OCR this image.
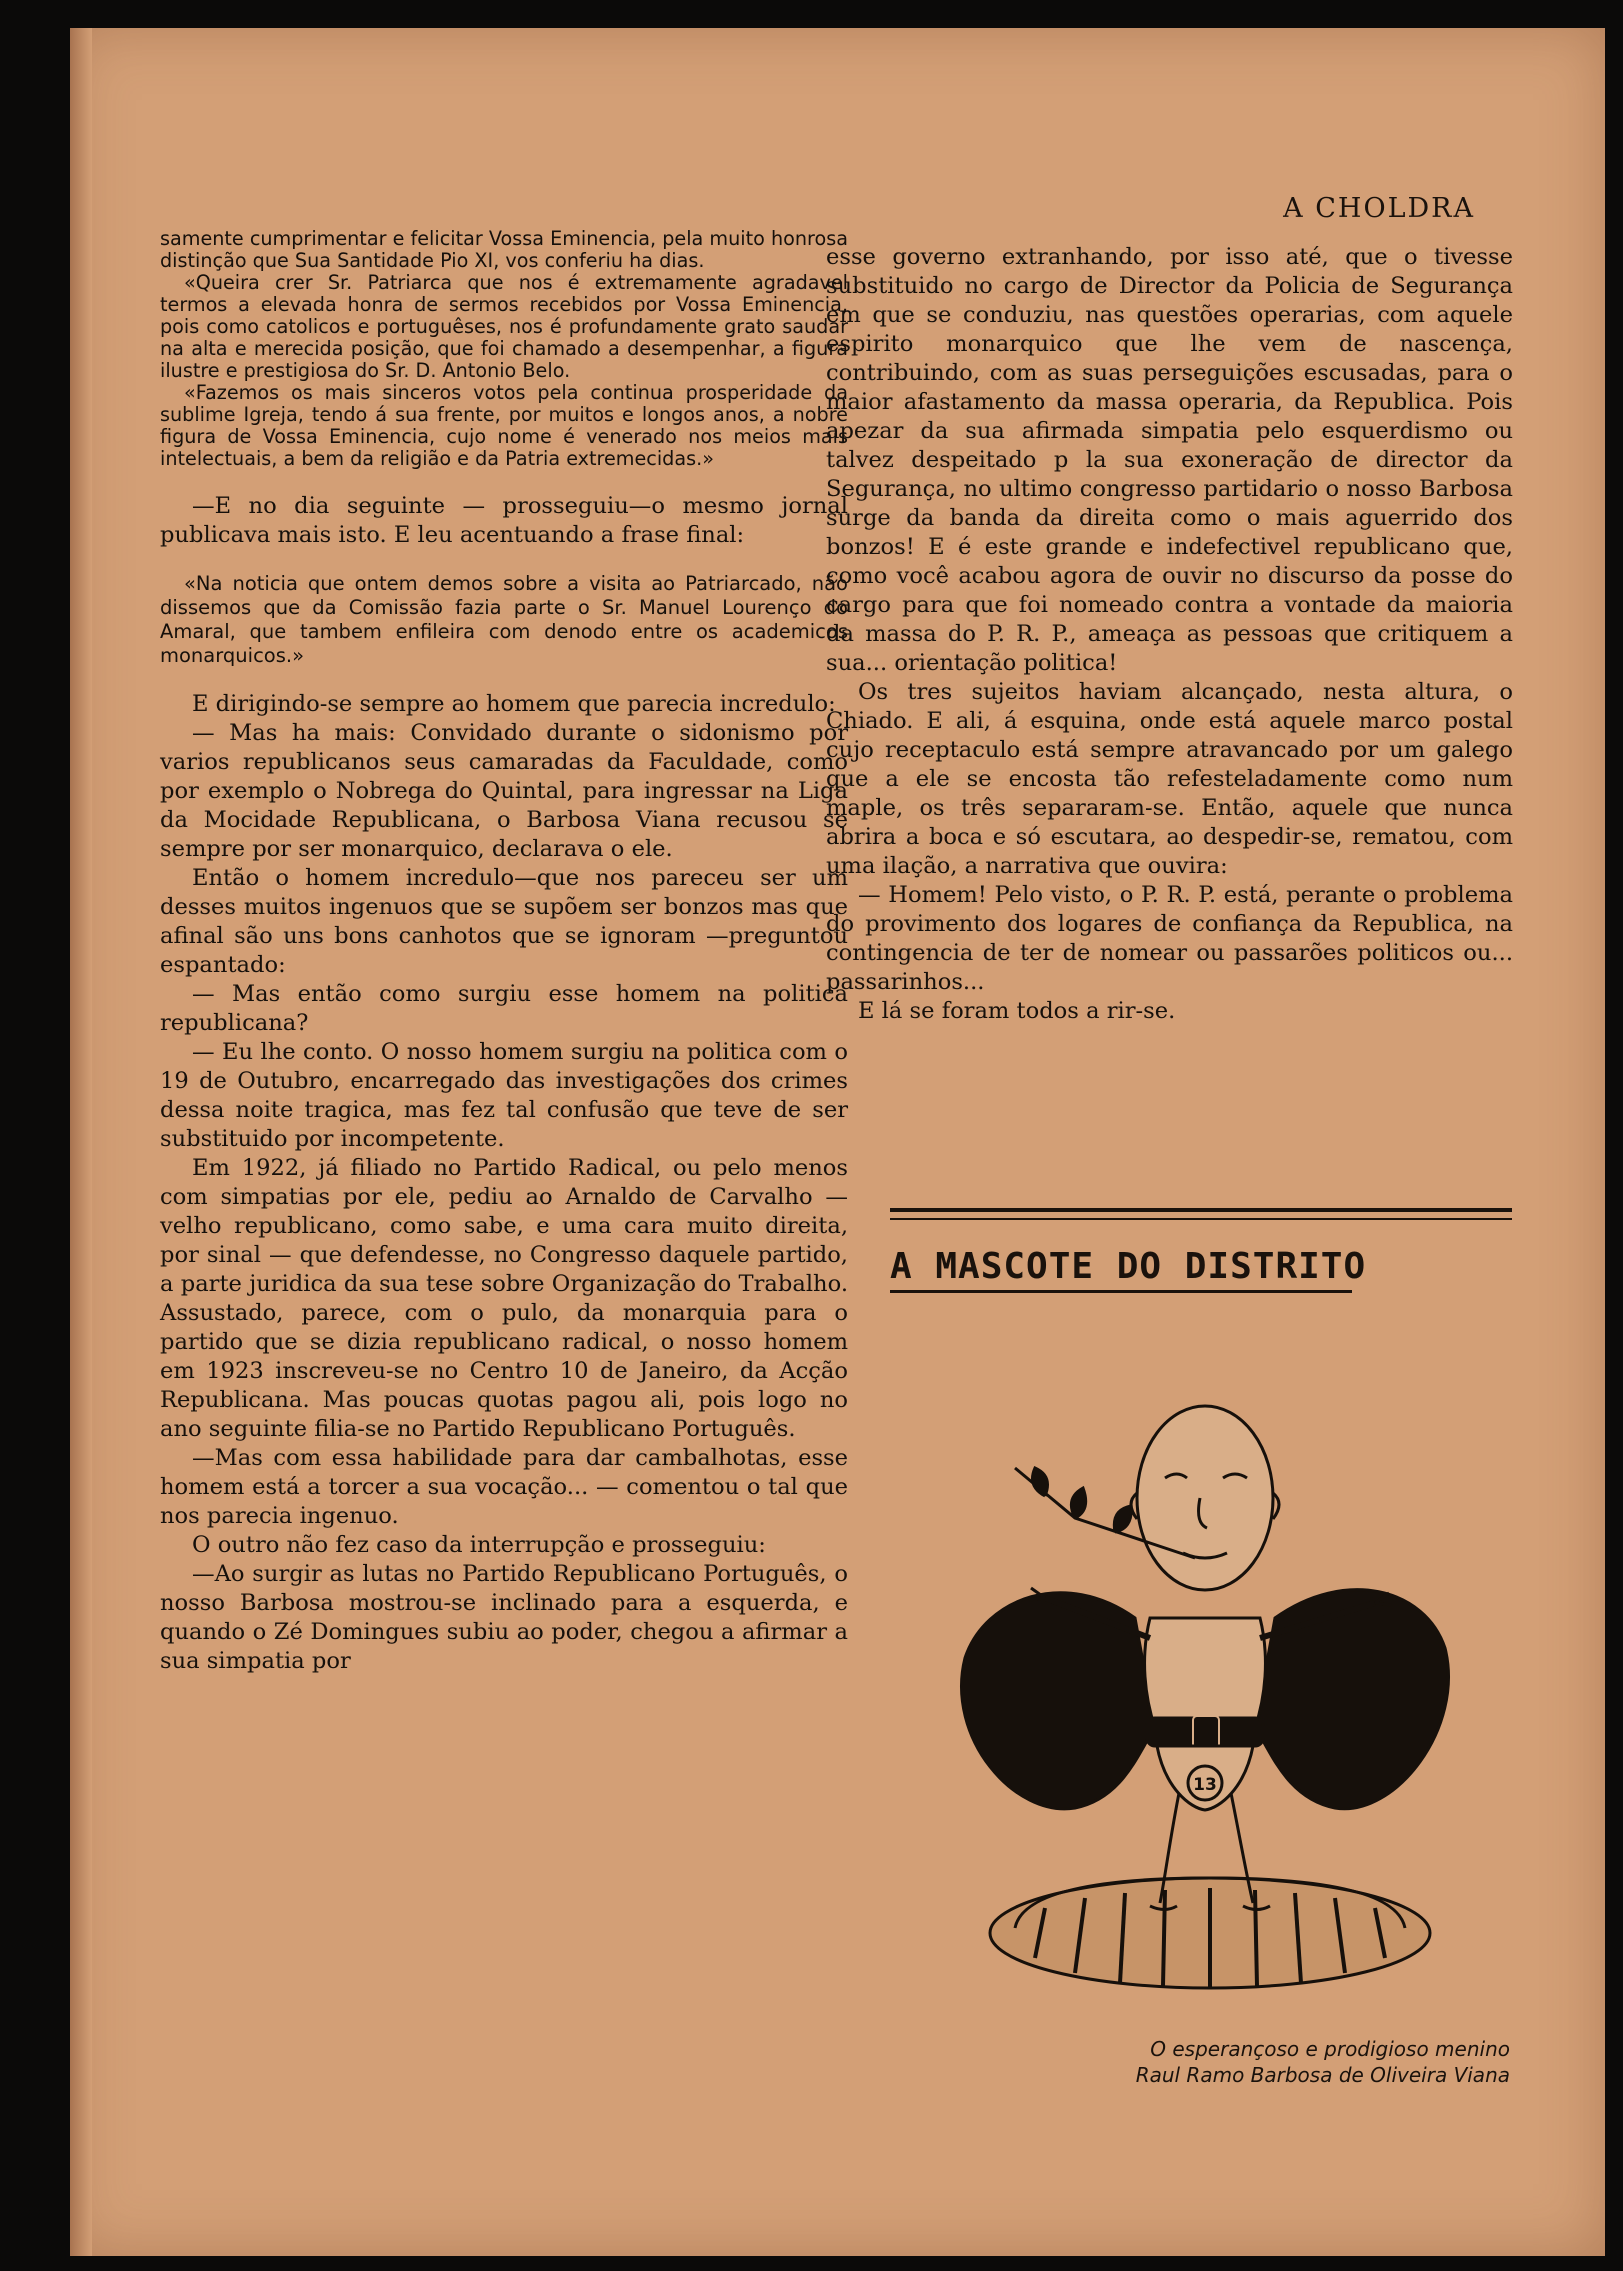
A CHOLDRA

samente cumprimentar e felicitar Vossa Eminencia, pela muito honrosa distinção que Sua Santidade Pio XI, vos conferiu ha dias.

«Queira crer Sr. Patriarca que nos é extremamente agradavel termos a elevada honra de sermos recebidos por Vossa Eminencia, pois como catolicos e portuguêses, nos é profundamente grato saudar na alta e merecida posição, que foi chamado a desempenhar, a figura ilustre e prestigiosa do Sr. D. Antonio Belo.

«Fazemos os mais sinceros votos pela continua prosperidade da sublime Igreja, tendo á sua frente, por muitos e longos anos, a nobre figura de Vossa Eminencia, cujo nome é venerado nos meios mais intelectuais, a bem da religião e da Patria extremecidas.»

—E no dia seguinte — prosseguiu—o mesmo jornal publicava mais isto. E leu acentuando a frase final:

«Na noticia que ontem demos sobre a visita ao Patriarcado, não dissemos que da Comissão fazia parte o Sr. Manuel Lourenço do Amaral, que tambem enfileira com denodo entre os academicos monarquicos.»

E dirigindo-se sempre ao homem que parecia incredulo:

— Mas ha mais: Convidado durante o sidonismo por varios republicanos seus camaradas da Faculdade, como por exemplo o Nobrega do Quintal, para ingressar na Liga da Mocidade Republicana, o Barbosa Viana recusou se sempre por ser monarquico, declarava o ele.

Então o homem incredulo—que nos pareceu ser um desses muitos ingenuos que se supõem ser bonzos mas que afinal são uns bons canhotos que se ignoram —preguntou espantado:

— Mas então como surgiu esse homem na politica republicana?

— Eu lhe conto. O nosso homem surgiu na politica com o 19 de Outubro, encarregado das investigações dos crimes dessa noite tragica, mas fez tal confusão que teve de ser substituido por incompetente.

Em 1922, já filiado no Partido Radical, ou pelo menos com simpatias por ele, pediu ao Arnaldo de Carvalho — velho republicano, como sabe, e uma cara muito direita, por sinal — que defendesse, no Congresso daquele partido, a parte juridica da sua tese sobre Organização do Trabalho. Assustado, parece, com o pulo, da monarquia para o partido que se dizia republicano radical, o nosso homem em 1923 inscreveu-se no Centro 10 de Janeiro, da Acção Republicana. Mas poucas quotas pagou ali, pois logo no ano seguinte filia-se no Partido Republicano Português.

—Mas com essa habilidade para dar cambalhotas, esse homem está a torcer a sua vocação... — comentou o tal que nos parecia ingenuo.

O outro não fez caso da interrupção e prosseguiu:

—Ao surgir as lutas no Partido Republicano Português, o nosso Barbosa mostrou-se inclinado para a esquerda, e quando o Zé Domingues subiu ao poder, chegou a afirmar a sua simpatia por

esse governo extranhando, por isso até, que o tivesse substituido no cargo de Director da Policia de Segurança em que se conduziu, nas questões operarias, com aquele espirito monarquico que lhe vem de nascença, contribuindo, com as suas perseguições escusadas, para o maior afastamento da massa operaria, da Republica. Pois apezar da sua afirmada simpatia pelo esquerdismo ou talvez despeitado p la sua exoneração de director da Segurança, no ultimo congresso partidario o nosso Barbosa surge da banda da direita como o mais aguerrido dos bonzos! E é este grande e indefectivel republicano que, como você acabou agora de ouvir no discurso da posse do cargo para que foi nomeado contra a vontade da maioria da massa do P. R. P., ameaça as pessoas que critiquem a sua... orientação politica!

Os tres sujeitos haviam alcançado, nesta altura, o Chiado. E ali, á esquina, onde está aquele marco postal cujo receptaculo está sempre atravancado por um galego que a ele se encosta tão refesteladamente como num maple, os três separaram-se. Então, aquele que nunca abrira a boca e só escutara, ao despedir-se, rematou, com uma ilação, a narrativa que ouvira:

— Homem! Pelo visto, o P. R. P. está, perante o problema do provimento dos logares de confiança da Republica, na contingencia de ter de nomear ou passarões politicos ou... passarinhos...

E lá se foram todos a rir-se.

A MASCOTE DO DISTRITO
13

O esperançoso e prodigioso menino

Raul Ramo Barbosa de Oliveira Viana
